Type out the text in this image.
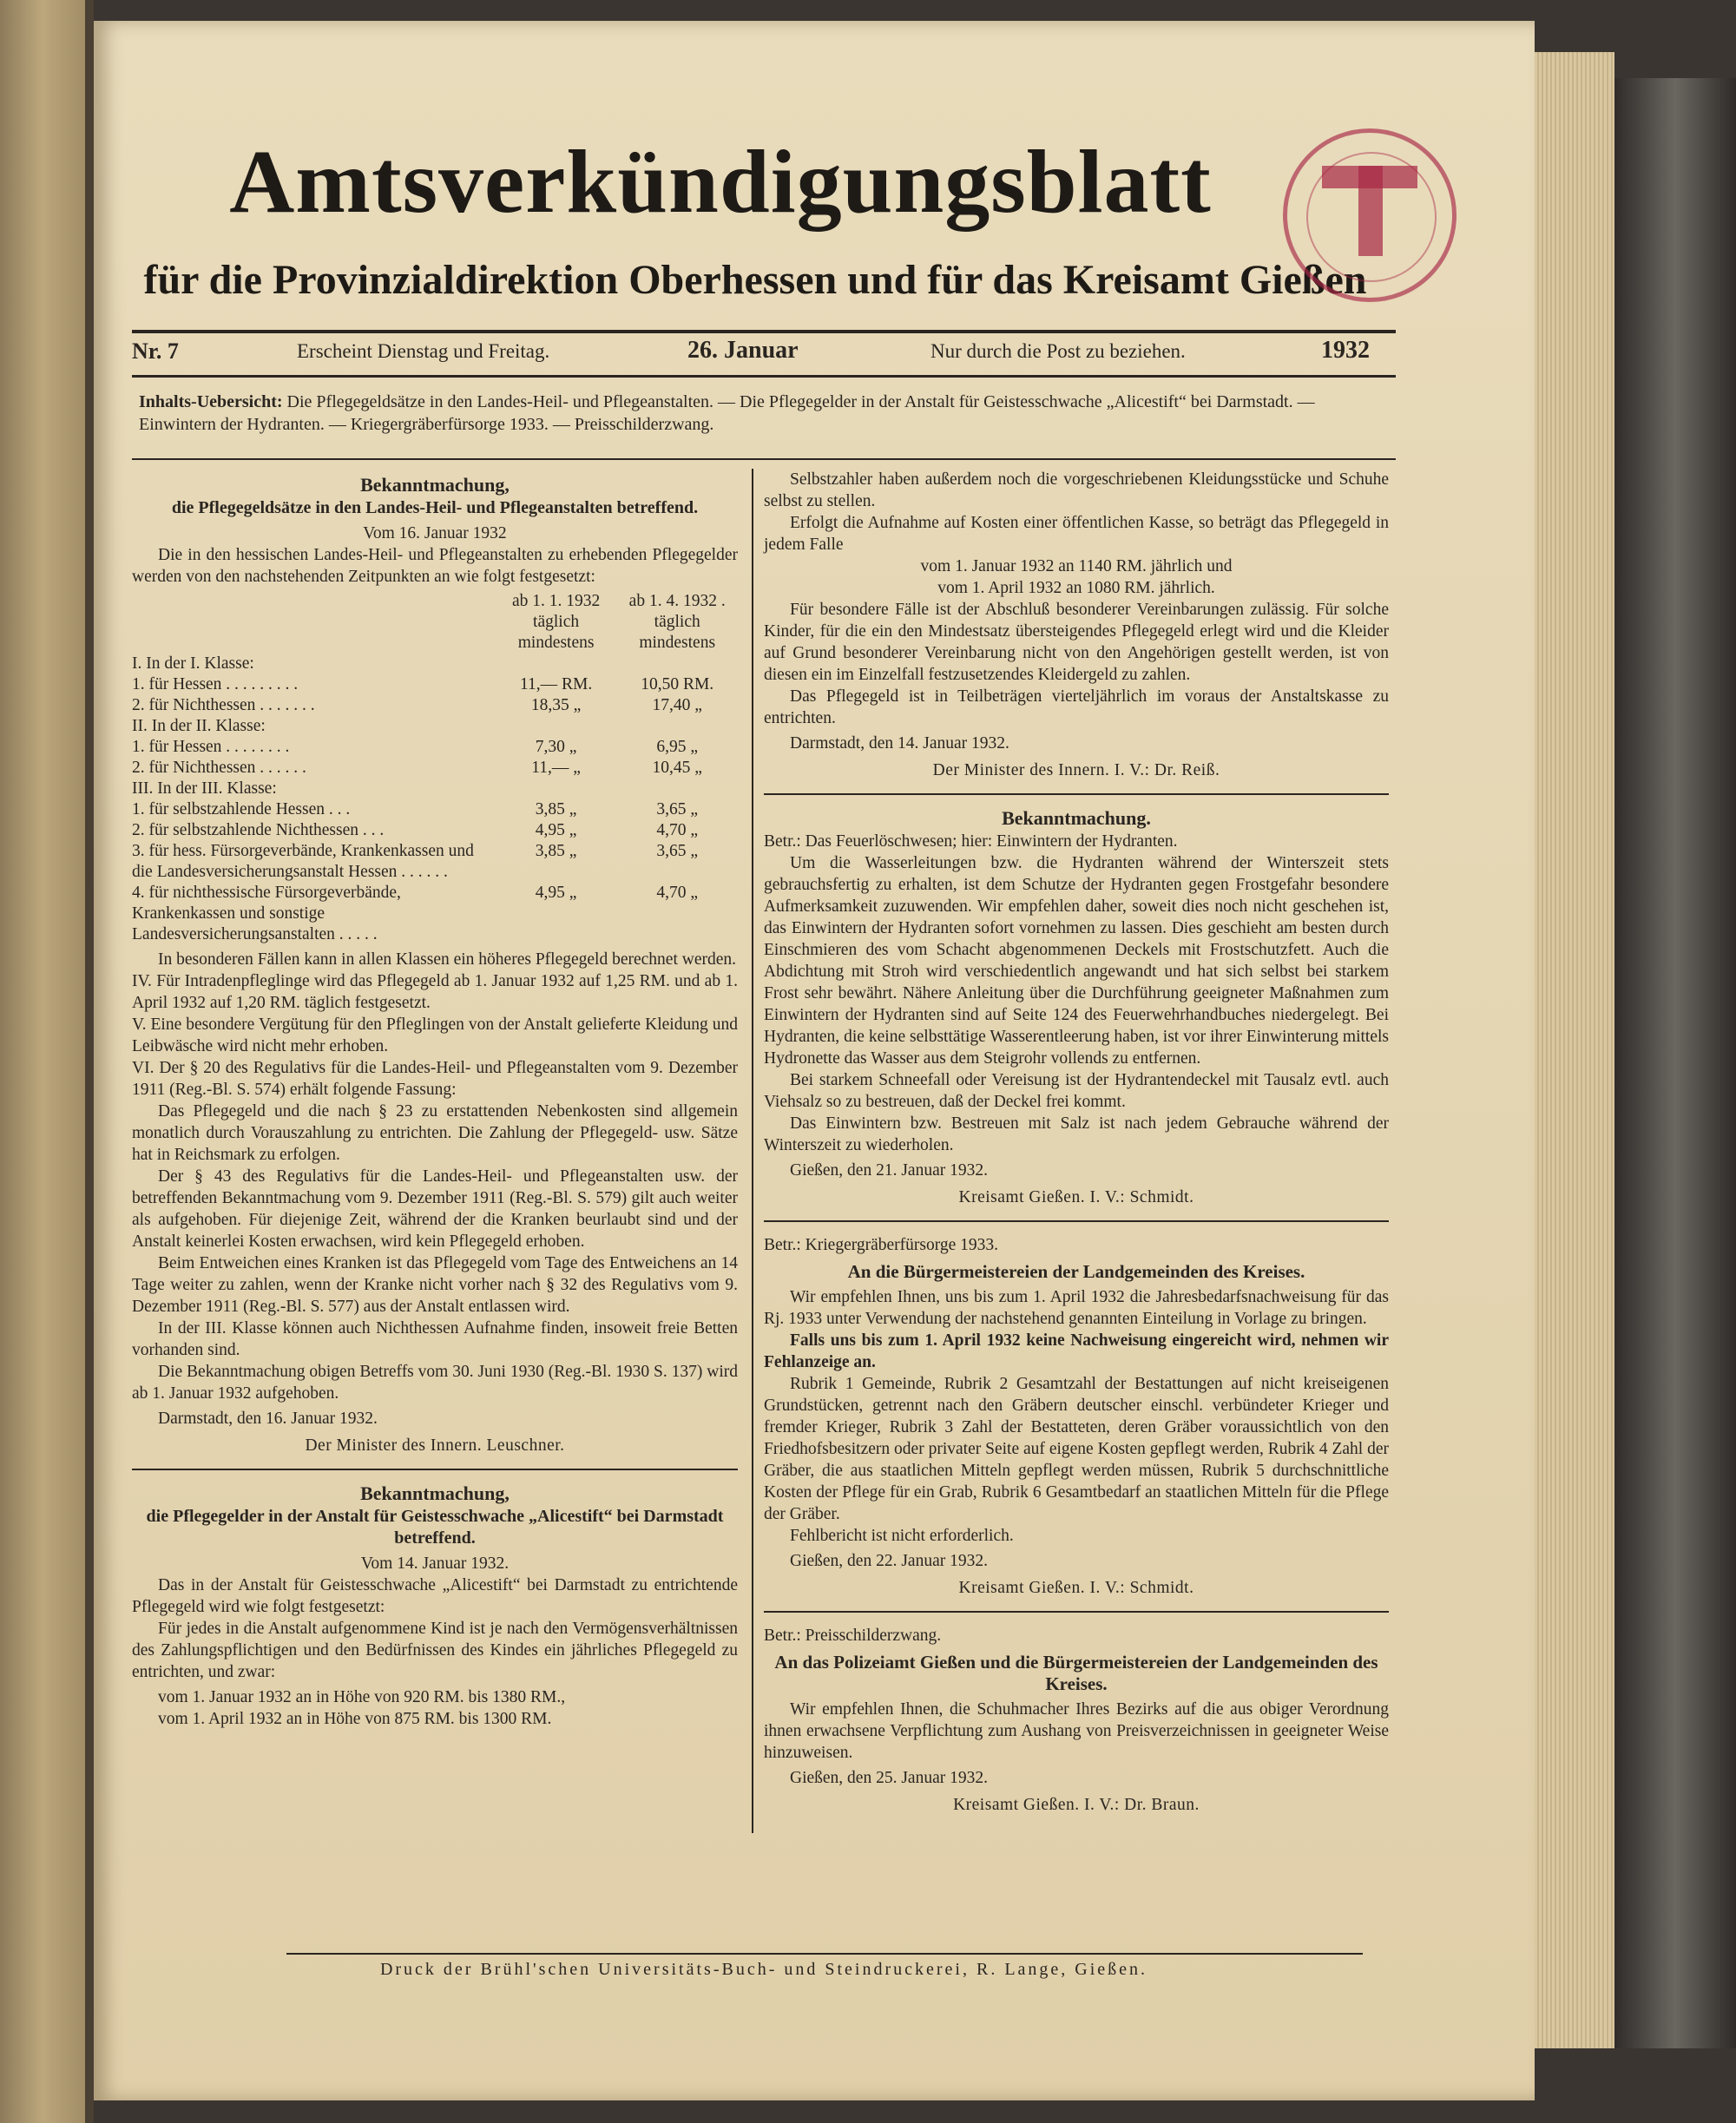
Amtsverkündigungsblatt
für die Provinzialdirektion Oberhessen und für das Kreisamt Gießen
Nr. 7	Erscheint Dienstag und Freitag.	26. Januar	Nur durch die Post zu beziehen.	1932
Inhalts-Uebersicht: Die Pflegegeldsätze in den Landes-Heil- und Pflegeanstalten. — Die Pflegegelder in der Anstalt für Geistesschwache „Alicestift“ bei Darmstadt. — Einwintern der Hydranten. — Kriegergräberfürsorge 1933. — Preisschilderzwang.
Bekanntmachung,
die Pflegegeldsätze in den Landes-Heil- und Pflegeanstalten betreffend.
Vom 16. Januar 1932

Die in den hessischen Landes-Heil- und Pflegeanstalten zu erhebenden Pflegegelder werden von den nachstehenden Zeitpunkten an wie folgt festgesetzt:

	ab 1. 1. 1932 täglich mindestens	ab 1. 4. 1932 . täglich mindestens
I. In der I. Klasse:		
1. für Hessen . . . . . . . . .	11,— RM.	10,50 RM.
2. für Nichthessen . . . . . . .	18,35 „	17,40 „
II. In der II. Klasse:		
1. für Hessen . . . . . . . .	7,30 „	6,95 „
2. für Nichthessen . . . . . .	11,— „	10,45 „
III. In der III. Klasse:		
1. für selbstzahlende Hessen . . .	3,85 „	3,65 „
2. für selbstzahlende Nichthessen . . .	4,95 „	4,70 „
3. für hess. Fürsorgeverbände, Krankenkassen und die Landesversicherungsanstalt Hessen . . . . . .	3,85 „	3,65 „
4. für nichthessische Fürsorgeverbände, Krankenkassen und sonstige Landesversicherungsanstalten . . . . .	4,95 „	4,70 „

In besonderen Fällen kann in allen Klassen ein höheres Pflegegeld berechnet werden.

IV. Für Intradenpfleglinge wird das Pflegegeld ab 1. Januar 1932 auf 1,25 RM. und ab 1. April 1932 auf 1,20 RM. täglich festgesetzt.

V. Eine besondere Vergütung für den Pfleglingen von der Anstalt gelieferte Kleidung und Leibwäsche wird nicht mehr erhoben.

VI. Der § 20 des Regulativs für die Landes-Heil- und Pflegeanstalten vom 9. Dezember 1911 (Reg.-Bl. S. 574) erhält folgende Fassung:

Das Pflegegeld und die nach § 23 zu erstattenden Nebenkosten sind allgemein monatlich durch Vorauszahlung zu entrichten. Die Zahlung der Pflegegeld- usw. Sätze hat in Reichsmark zu erfolgen.

Der § 43 des Regulativs für die Landes-Heil- und Pflegeanstalten usw. der betreffenden Bekanntmachung vom 9. Dezember 1911 (Reg.-Bl. S. 579) gilt auch weiter als aufgehoben. Für diejenige Zeit, während der die Kranken beurlaubt sind und der Anstalt keinerlei Kosten erwachsen, wird kein Pflegegeld erhoben.

Beim Entweichen eines Kranken ist das Pflegegeld vom Tage des Entweichens an 14 Tage weiter zu zahlen, wenn der Kranke nicht vorher nach § 32 des Regulativs vom 9. Dezember 1911 (Reg.-Bl. S. 577) aus der Anstalt entlassen wird.

In der III. Klasse können auch Nichthessen Aufnahme finden, insoweit freie Betten vorhanden sind.

Die Bekanntmachung obigen Betreffs vom 30. Juni 1930 (Reg.-Bl. 1930 S. 137) wird ab 1. Januar 1932 aufgehoben.

Darmstadt, den 16. Januar 1932.

Der Minister des Innern. Leuschner.

Bekanntmachung,
die Pflegegelder in der Anstalt für Geistesschwache „Alicestift“ bei Darmstadt betreffend.
Vom 14. Januar 1932.

Das in der Anstalt für Geistesschwache „Alicestift“ bei Darmstadt zu entrichtende Pflegegeld wird wie folgt festgesetzt:

Für jedes in die Anstalt aufgenommene Kind ist je nach den Vermögensverhältnissen des Zahlungspflichtigen und den Bedürfnissen des Kindes ein jährliches Pflegegeld zu entrichten, und zwar:

vom 1. Januar 1932 an in Höhe von 920 RM. bis 1380 RM.,

vom 1. April 1932 an in Höhe von 875 RM. bis 1300 RM.

Selbstzahler haben außerdem noch die vorgeschriebenen Kleidungsstücke und Schuhe selbst zu stellen.

Erfolgt die Aufnahme auf Kosten einer öffentlichen Kasse, so beträgt das Pflegegeld in jedem Falle

vom 1. Januar 1932 an 1140 RM. jährlich und

vom 1. April 1932 an 1080 RM. jährlich.

Für besondere Fälle ist der Abschluß besonderer Vereinbarungen zulässig. Für solche Kinder, für die ein den Mindestsatz übersteigendes Pflegegeld erlegt wird und die Kleider auf Grund besonderer Vereinbarung nicht von den Angehörigen gestellt werden, ist von diesen ein im Einzelfall festzusetzendes Kleidergeld zu zahlen.

Das Pflegegeld ist in Teilbeträgen vierteljährlich im voraus der Anstaltskasse zu entrichten.

Darmstadt, den 14. Januar 1932.

Der Minister des Innern. I. V.: Dr. Reiß.

Bekanntmachung.

Betr.: Das Feuerlöschwesen; hier: Einwintern der Hydranten.

Um die Wasserleitungen bzw. die Hydranten während der Winterszeit stets gebrauchsfertig zu erhalten, ist dem Schutze der Hydranten gegen Frostgefahr besondere Aufmerksamkeit zuzuwenden. Wir empfehlen daher, soweit dies noch nicht geschehen ist, das Einwintern der Hydranten sofort vornehmen zu lassen. Dies geschieht am besten durch Einschmieren des vom Schacht abgenommenen Deckels mit Frostschutzfett. Auch die Abdichtung mit Stroh wird verschiedentlich angewandt und hat sich selbst bei starkem Frost sehr bewährt. Nähere Anleitung über die Durchführung geeigneter Maßnahmen zum Einwintern der Hydranten sind auf Seite 124 des Feuerwehrhandbuches niedergelegt. Bei Hydranten, die keine selbsttätige Wasserentleerung haben, ist vor ihrer Einwinterung mittels Hydronette das Wasser aus dem Steigrohr vollends zu entfernen.

Bei starkem Schneefall oder Vereisung ist der Hydrantendeckel mit Tausalz evtl. auch Viehsalz so zu bestreuen, daß der Deckel frei kommt.

Das Einwintern bzw. Bestreuen mit Salz ist nach jedem Gebrauche während der Winterszeit zu wiederholen.

Gießen, den 21. Januar 1932.

Kreisamt Gießen. I. V.: Schmidt.

Betr.: Kriegergräberfürsorge 1933.

An die Bürgermeistereien der Landgemeinden des Kreises.

Wir empfehlen Ihnen, uns bis zum 1. April 1932 die Jahresbedarfsnachweisung für das Rj. 1933 unter Verwendung der nachstehend genannten Einteilung in Vorlage zu bringen.

Falls uns bis zum 1. April 1932 keine Nachweisung eingereicht wird, nehmen wir Fehlanzeige an.

Rubrik 1 Gemeinde, Rubrik 2 Gesamtzahl der Bestattungen auf nicht kreiseigenen Grundstücken, getrennt nach den Gräbern deutscher einschl. verbündeter Krieger und fremder Krieger, Rubrik 3 Zahl der Bestatteten, deren Gräber voraussichtlich von den Friedhofsbesitzern oder privater Seite auf eigene Kosten gepflegt werden, Rubrik 4 Zahl der Gräber, die aus staatlichen Mitteln gepflegt werden müssen, Rubrik 5 durchschnittliche Kosten der Pflege für ein Grab, Rubrik 6 Gesamtbedarf an staatlichen Mitteln für die Pflege der Gräber.

Fehlbericht ist nicht erforderlich.

Gießen, den 22. Januar 1932.

Kreisamt Gießen. I. V.: Schmidt.

Betr.: Preisschilderzwang.

An das Polizeiamt Gießen und die Bürgermeistereien der Landgemeinden des Kreises.

Wir empfehlen Ihnen, die Schuhmacher Ihres Bezirks auf die aus obiger Verordnung ihnen erwachsene Verpflichtung zum Aushang von Preisverzeichnissen in geeigneter Weise hinzuweisen.

Gießen, den 25. Januar 1932.

Kreisamt Gießen. I. V.: Dr. Braun.

Druck der Brühl'schen Universitäts-Buch- und Steindruckerei, R. Lange, Gießen.
